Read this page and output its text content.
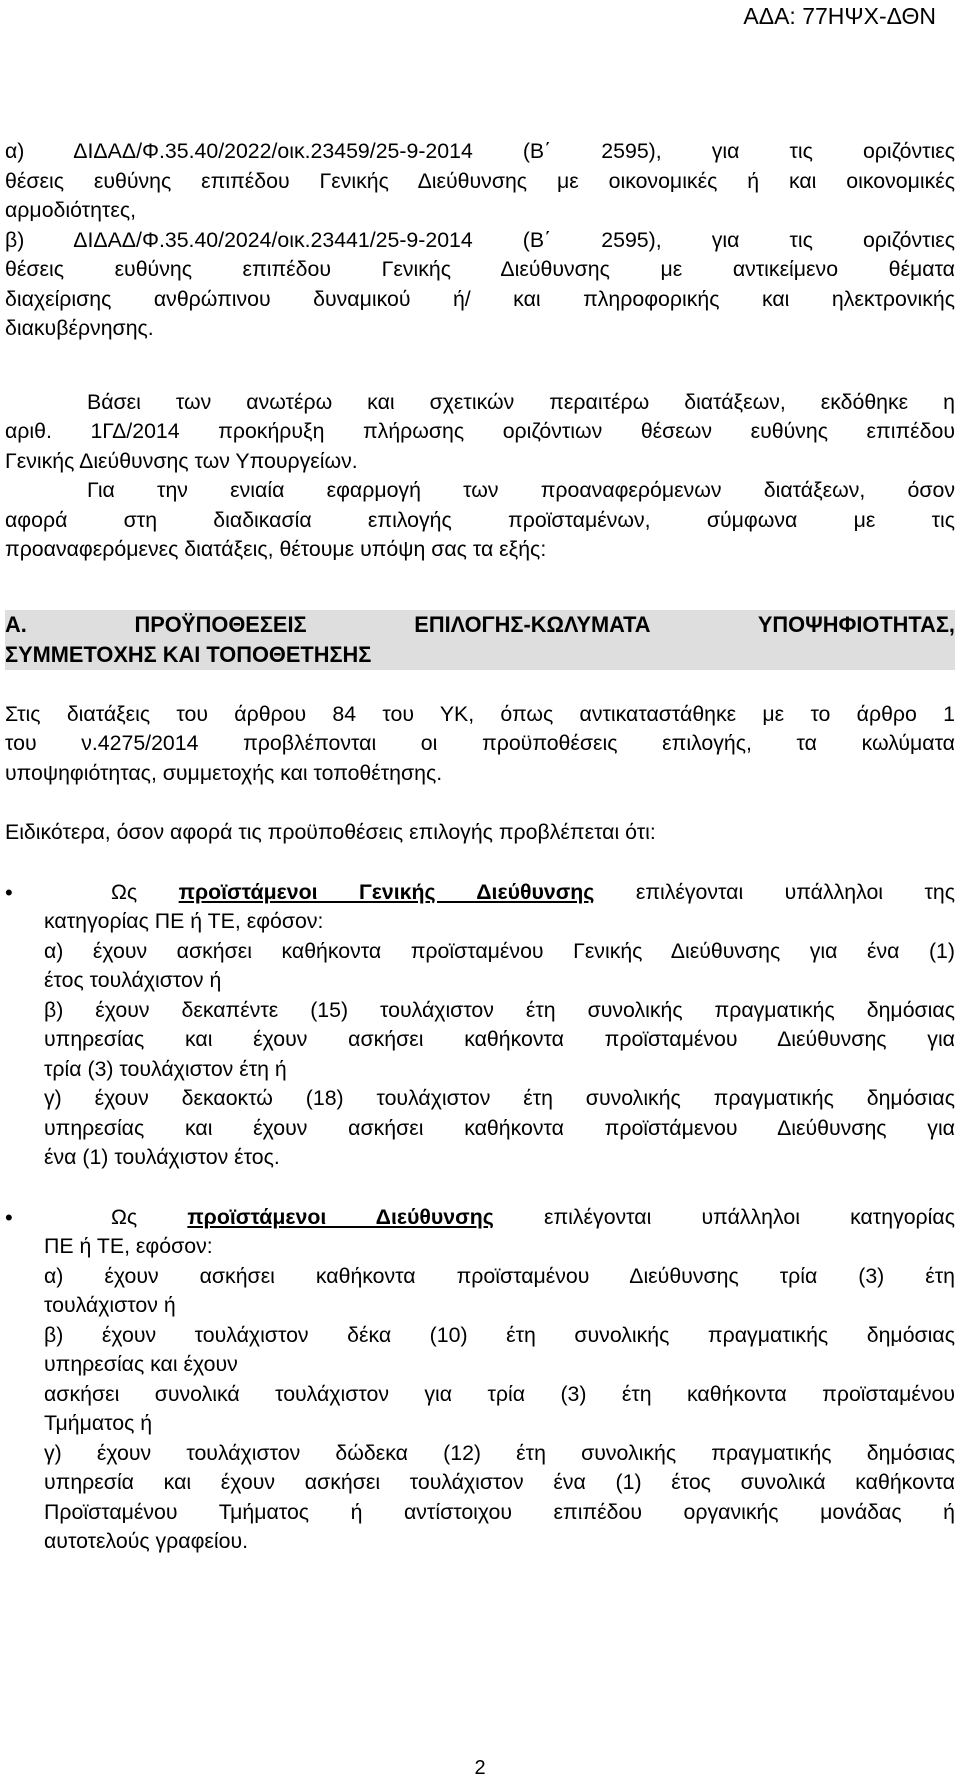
ΑΔΑ: 77ΗΨΧ-ΔΘΝ
α) ΔΙΔΑΔ/Φ.35.40/2022/οικ.23459/25-9-2014 (Β΄ 2595), για τις οριζόντιες
θέσεις ευθύνης επιπέδου Γενικής Διεύθυνσης με οικονομικές ή και οικονομικές
αρμοδιότητες,
β) ΔΙΔΑΔ/Φ.35.40/2024/οικ.23441/25-9-2014 (Β΄ 2595), για τις οριζόντιες
θέσεις ευθύνης επιπέδου Γενικής Διεύθυνσης με αντικείμενο θέματα
διαχείρισης ανθρώπινου δυναμικού ή/ και πληροφορικής και ηλεκτρονικής
διακυβέρνησης.
Βάσει των ανωτέρω και σχετικών περαιτέρω διατάξεων, εκδόθηκε η
αριθ. 1ΓΔ/2014 προκήρυξη πλήρωσης οριζόντιων θέσεων ευθύνης επιπέδου
Γενικής Διεύθυνσης των Υπουργείων.
Για την ενιαία εφαρμογή των προαναφερόμενων διατάξεων, όσον
αφορά στη διαδικασία επιλογής προϊσταμένων, σύμφωνα με τις
προαναφερόμενες διατάξεις, θέτουμε υπόψη σας τα εξής:
Α. ΠΡΟΫΠΟΘΕΣΕΙΣ ΕΠΙΛΟΓΗΣ-ΚΩΛΥΜΑΤΑ ΥΠΟΨΗΦΙΟΤΗΤΑΣ,
ΣΥΜΜΕΤΟΧΗΣ ΚΑΙ ΤΟΠΟΘΕΤΗΣΗΣ
Στις διατάξεις του άρθρου 84 του ΥΚ, όπως αντικαταστάθηκε με το άρθρο 1
του ν.4275/2014 προβλέπονται οι προϋποθέσεις επιλογής, τα κωλύματα
υποψηφιότητας, συμμετοχής και τοποθέτησης.
Ειδικότερα, όσον αφορά τις προϋποθέσεις επιλογής προβλέπεται ότι:
•	Ως προϊστάμενοι Γενικής Διεύθυνσης επιλέγονται υπάλληλοι της
κατηγορίας ΠΕ ή ΤΕ, εφόσον:
α) έχουν ασκήσει καθήκοντα προϊσταμένου Γενικής Διεύθυνσης για ένα (1)
έτος τουλάχιστον ή
β) έχουν δεκαπέντε (15) τουλάχιστον έτη συνολικής πραγματικής δημόσιας
υπηρεσίας και έχουν ασκήσει καθήκοντα προϊσταμένου Διεύθυνσης για
τρία (3) τουλάχιστον έτη ή
γ) έχουν δεκαοκτώ (18) τουλάχιστον έτη συνολικής πραγματικής δημόσιας
υπηρεσίας και έχουν ασκήσει καθήκοντα προϊστάμενου Διεύθυνσης για
ένα (1) τουλάχιστον έτος.
•	Ως προϊστάμενοι Διεύθυνσης επιλέγονται υπάλληλοι κατηγορίας
ΠΕ ή ΤΕ, εφόσον:
α) έχουν ασκήσει καθήκοντα προϊσταμένου Διεύθυνσης τρία (3) έτη
τουλάχιστον ή
β) έχουν τουλάχιστον δέκα (10) έτη συνολικής πραγματικής δημόσιας
υπηρεσίας και έχουν
ασκήσει συνολικά τουλάχιστον για τρία (3) έτη καθήκοντα προϊσταμένου
Τμήματος ή
γ) έχουν τουλάχιστον δώδεκα (12) έτη συνολικής πραγματικής δημόσιας
υπηρεσία και έχουν ασκήσει τουλάχιστον ένα (1) έτος συνολικά καθήκοντα
Προϊσταμένου Τμήματος ή αντίστοιχου επιπέδου οργανικής μονάδας ή
αυτοτελούς γραφείου.
2
